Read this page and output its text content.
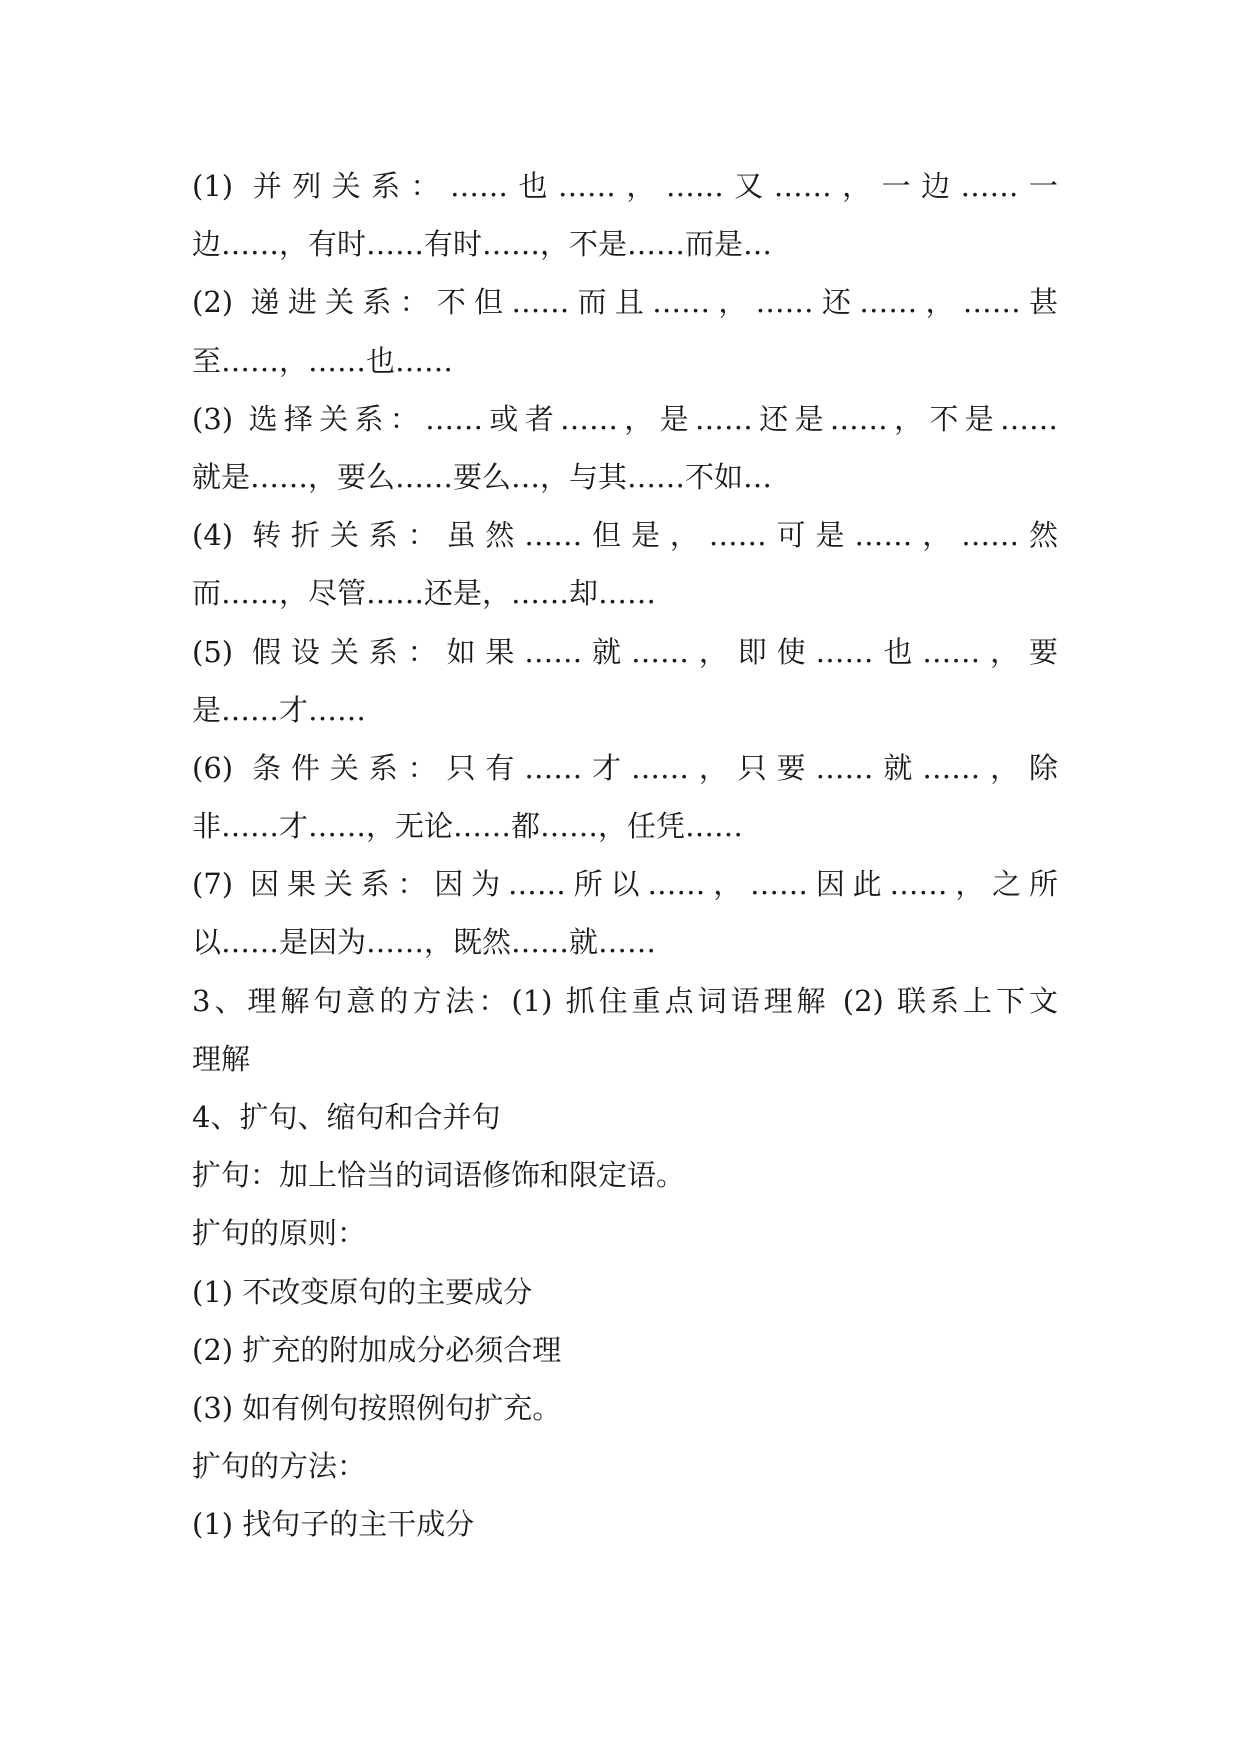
(1) 并列关系：……也……，……又……，一边……一
边……，有时……有时……，不是……而是…
(2) 递进关系：不但……而且……，……还……，……甚
至……，……也……
(3) 选择关系：……或者……，是……还是……，不是……
就是……，要么……要么…，与其……不如…
(4) 转折关系：虽然……但是，……可是……，……然
而……，尽管……还是，……却……
(5) 假设关系：如果……就……，即使……也……，要
是……才……
(6) 条件关系：只有……才……，只要……就……，除
非……才……，无论……都……，任凭……
(7) 因果关系：因为……所以……，……因此……，之所
以……是因为……，既然……就……
3、理解句意的方法：(1) 抓住重点词语理解 (2) 联系上下文
理解
4、扩句、缩句和合并句
扩句：加上恰当的词语修饰和限定语。
扩句的原则：
(1) 不改变原句的主要成分
(2) 扩充的附加成分必须合理
(3) 如有例句按照例句扩充。
扩句的方法：
(1) 找句子的主干成分
